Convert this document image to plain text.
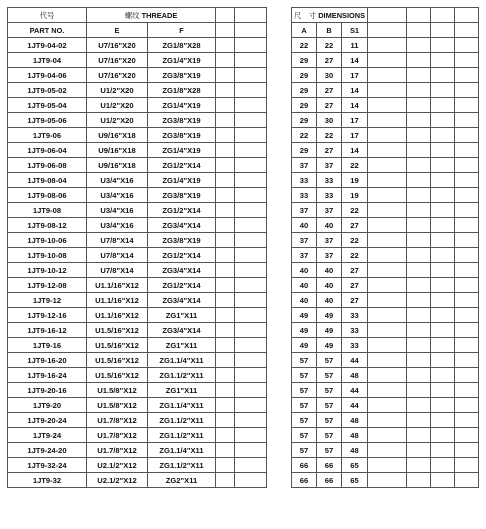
代号	螺纹 THREADE					尺　寸 DIMENSIONS						
PART NO.	E	F				A	B	S1				
1JT9-04-02	U7/16"X20	ZG1/8"X28				22	22	11				
1JT9-04	U7/16"X20	ZG1/4"X19				29	27	14				
1JT9-04-06	U7/16"X20	ZG3/8"X19				29	30	17				
1JT9-05-02	U1/2"X20	ZG1/8"X28				29	27	14				
1JT9-05-04	U1/2"X20	ZG1/4"X19				29	27	14				
1JT9-05-06	U1/2"X20	ZG3/8"X19				29	30	17				
1JT9-06	U9/16"X18	ZG3/8"X19				22	22	17				
1JT9-06-04	U9/16"X18	ZG1/4"X19				29	27	14				
1JT9-06-08	U9/16"X18	ZG1/2"X14				37	37	22				
1JT9-08-04	U3/4"X16	ZG1/4"X19				33	33	19				
1JT9-08-06	U3/4"X16	ZG3/8"X19				33	33	19				
1JT9-08	U3/4"X16	ZG1/2"X14				37	37	22				
1JT9-08-12	U3/4"X16	ZG3/4"X14				40	40	27				
1JT9-10-06	U7/8"X14	ZG3/8"X19				37	37	22				
1JT9-10-08	U7/8"X14	ZG1/2"X14				37	37	22				
1JT9-10-12	U7/8"X14	ZG3/4"X14				40	40	27				
1JT9-12-08	U1.1/16"X12	ZG1/2"X14				40	40	27				
1JT9-12	U1.1/16"X12	ZG3/4"X14				40	40	27				
1JT9-12-16	U1.1/16"X12	ZG1"X11				49	49	33				
1JT9-16-12	U1.5/16"X12	ZG3/4"X14				49	49	33				
1JT9-16	U1.5/16"X12	ZG1"X11				49	49	33				
1JT9-16-20	U1.5/16"X12	ZG1.1/4"X11				57	57	44				
1JT9-16-24	U1.5/16"X12	ZG1.1/2"X11				57	57	48				
1JT9-20-16	U1.5/8"X12	ZG1"X11				57	57	44				
1JT9-20	U1.5/8"X12	ZG1.1/4"X11				57	57	44				
1JT9-20-24	U1.7/8"X12	ZG1.1/2"X11				57	57	48				
1JT9-24	U1.7/8"X12	ZG1.1/2"X11				57	57	48				
1JT9-24-20	U1.7/8"X12	ZG1.1/4"X11				57	57	48				
1JT9-32-24	U2.1/2"X12	ZG1.1/2"X11				66	66	65				
1JT9-32	U2.1/2"X12	ZG2"X11				66	66	65				
